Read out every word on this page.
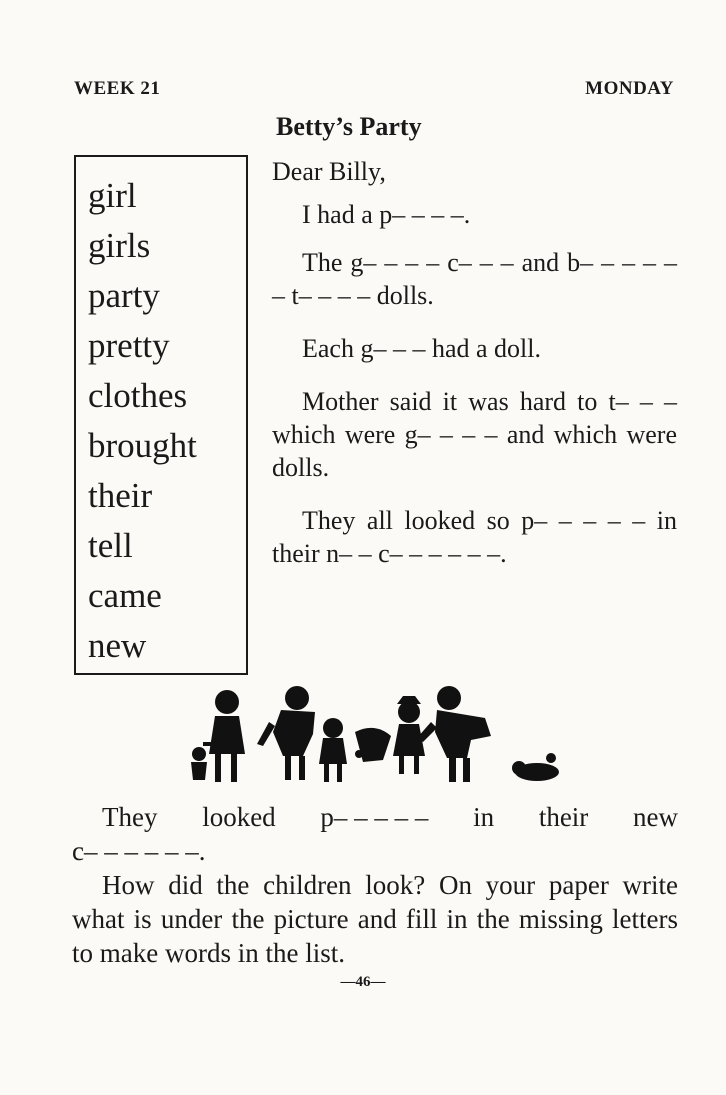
WEEK 21	MONDAY
Betty’s Party
girl
girls
party
pretty
clothes
brought
their
tell
came
new
Dear Billy,

I had a p– – – –.

The g– – – – c– – – and b– – – – – – t– – – – dolls.

Each g– – – had a doll.

Mother said it was hard to t– – – which were g– – – – and which were dolls.

They all looked so p– – – – – in their n– – c– – – – – –.

They looked p– – – – – in their new
c– – – – – –.
How did the children look? On your paper write what is under the picture and fill in the missing letters to make words in the list.
—46—
